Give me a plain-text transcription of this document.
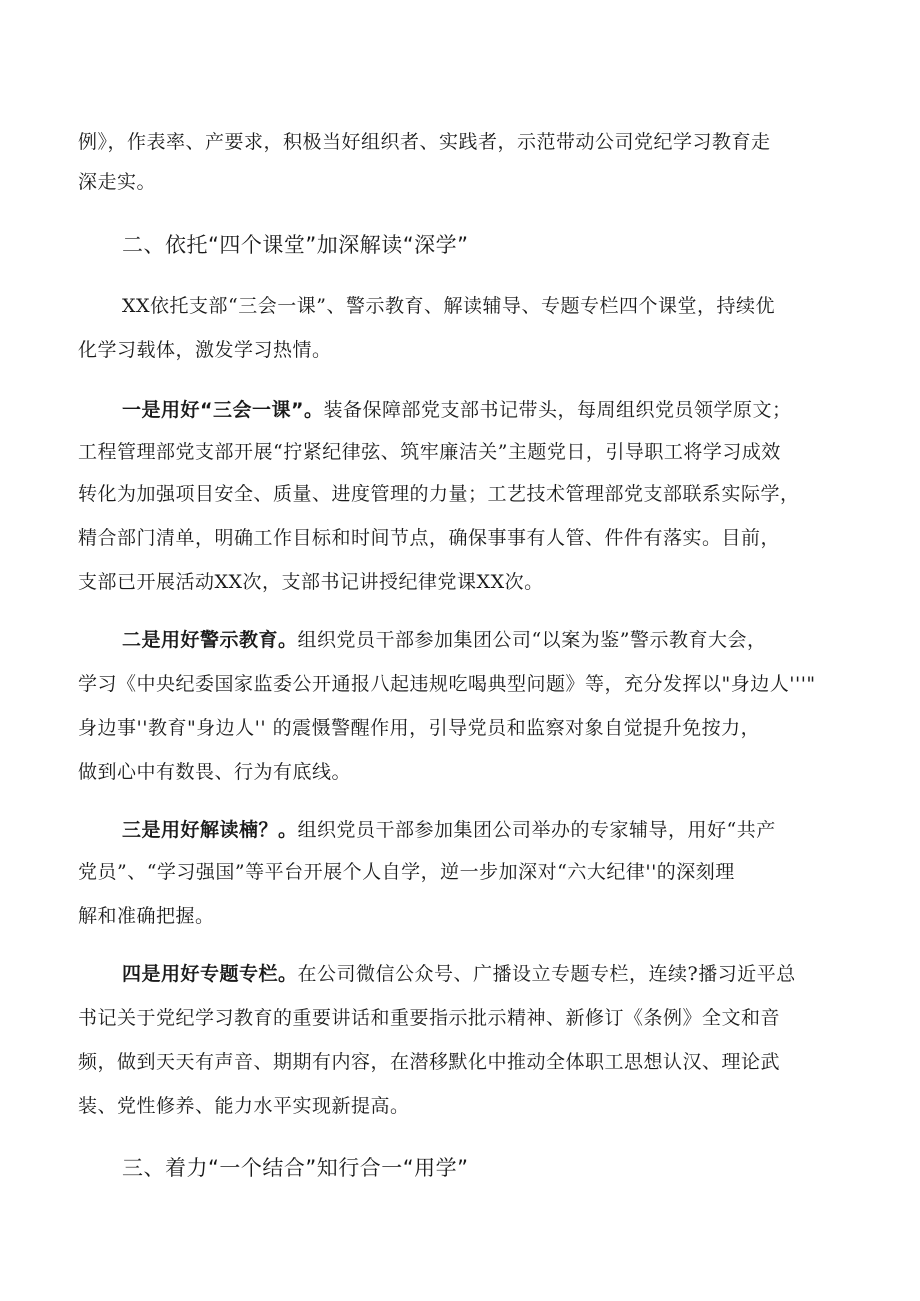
例》，作表率、产要求，积极当好组织者、实践者，示范带动公司党纪学习教育走
深走实。
二、依托“四个课堂”加深解读“深学”
XX依托支部“三会一课”、警示教育、解读辅导、专题专栏四个课堂，持续优
化学习载体，激发学习热情。
一是用好“三会一课”。装备保障部党支部书记带头，每周组织党员领学原文；
工程管理部党支部开展“拧紧纪律弦、筑牢廉洁关”主题党日，引导职工将学习成效
转化为加强项目安全、质量、进度管理的力量；工艺技术管理部党支部联系实际学，
精合部门清单，明确工作目标和时间节点，确保事事有人管、件件有落实。目前，
支部已开展活动XX次，支部书记讲授纪律党课XX次。
二是用好警示教育。组织党员干部参加集团公司“以案为鉴”警示教育大会，
学习《中央纪委国家监委公开通报八起违规吃喝典型问题》等，充分发挥以"身边人'''"
身边事''教育"身边人'' 的震慑警醒作用，引导党员和监察对象自觉提升免按力，
做到心中有数畏、行为有底线。
三是用好解读楠？。组织党员干部参加集团公司举办的专家辅导，用好“共产
党员”、“学习强国”等平台开展个人自学，逆一步加深对“六大纪律''的深刻理
解和准确把握。
四是用好专题专栏。在公司微信公众号、广播设立专题专栏，连续?播习近平总
书记关于党纪学习教育的重要讲话和重要指示批示精神、新修订《条例》全文和音
频，做到天天有声音、期期有内容，在潜移默化中推动全体职工思想认汉、理论武
装、党性修养、能力水平实现新提高。
三、着力“一个结合”知行合一“用学”
